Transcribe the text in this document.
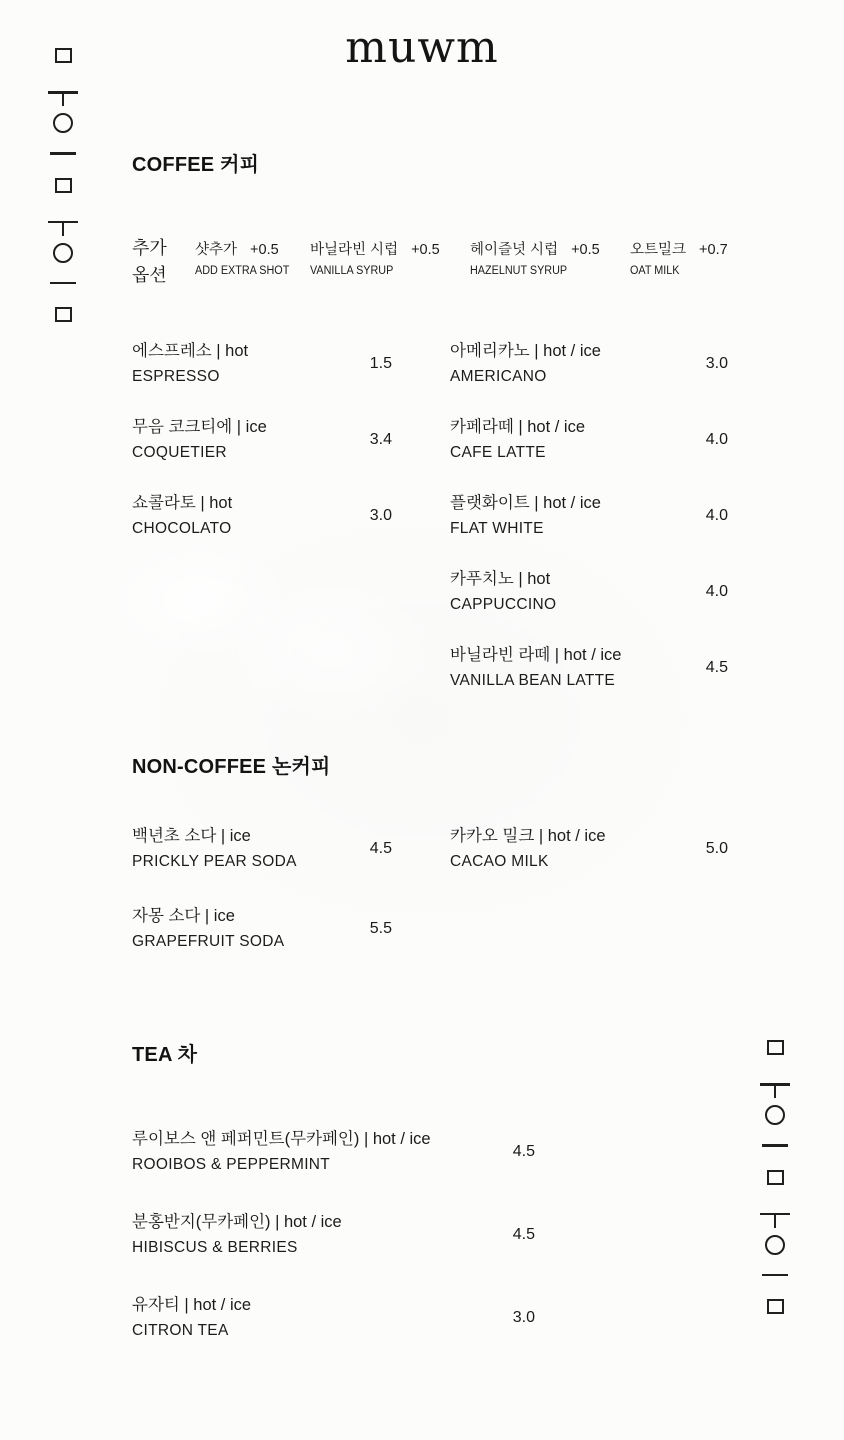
muwm
COFFEE 커피
추가
옵션
샷추가 +0.5
ADD EXTRA SHOT
바닐라빈 시럽 +0.5
VANILLA SYRUP
헤이즐넛 시럽 +0.5
HAZELNUT SYRUP
오트밀크 +0.7
OAT MILK
에스프레소 | hot
ESPRESSO
1.5
무음 코크티에 | ice
COQUETIER
3.4
쇼콜라토 | hot
CHOCOLATO
3.0
아메리카노 | hot / ice
AMERICANO
3.0
카페라떼 | hot / ice
CAFE LATTE
4.0
플랫화이트 | hot / ice
FLAT WHITE
4.0
카푸치노 | hot
CAPPUCCINO
4.0
바닐라빈 라떼 | hot / ice
VANILLA BEAN LATTE
4.5
NON-COFFEE 논커피
백년초 소다 | ice
PRICKLY PEAR SODA
4.5
자몽 소다 | ice
GRAPEFRUIT SODA
5.5
카카오 밀크 | hot / ice
CACAO MILK
5.0
TEA 차
루이보스 앤 페퍼민트(무카페인) | hot / ice
ROOIBOS & PEPPERMINT
4.5
분홍반지(무카페인) | hot / ice
HIBISCUS & BERRIES
4.5
유자티 | hot / ice
CITRON TEA
3.0
